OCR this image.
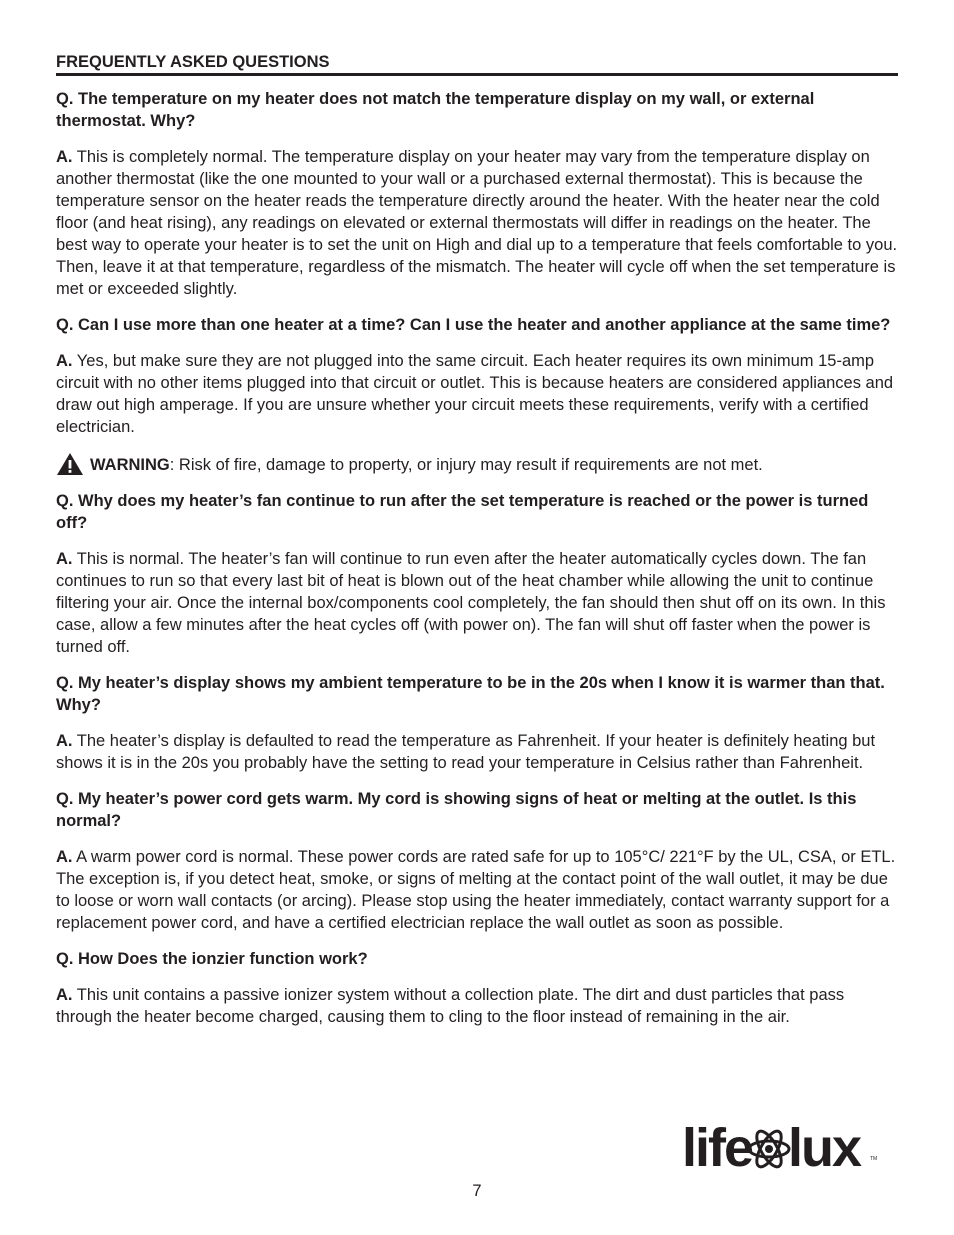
FREQUENTLY ASKED QUESTIONS

Q. The temperature on my heater does not match the temperature display on my wall, or external thermostat. Why?

A. This is completely normal. The temperature display on your heater may vary from the temperature display on another thermostat (like the one mounted to your wall or a purchased external thermostat). This is because the temperature sensor on the heater reads the temperature directly around the heater. With the heater near the cold floor (and heat rising), any readings on elevated or external thermostats will differ in readings on the heater. The best way to operate your heater is to set the unit on High and dial up to a temperature that feels comfortable to you. Then, leave it at that temperature, regardless of the mismatch. The heater will cycle off when the set temperature is met or exceeded slightly.

Q. Can I use more than one heater at a time? Can I use the heater and another appliance at the same time?

A. Yes, but make sure they are not plugged into the same circuit. Each heater requires its own minimum 15-amp circuit with no other items plugged into that circuit or outlet. This is because heaters are considered appliances and draw out high amperage. If you are unsure whether your circuit meets these requirements, verify with a certified electrician.

WARNING: Risk of fire, damage to property, or injury may result if requirements are not met.

Q. Why does my heater’s fan continue to run after the set temperature is reached or the power is turned off?

A. This is normal. The heater’s fan will continue to run even after the heater automatically cycles down. The fan continues to run so that every last bit of heat is blown out of the heat chamber while allowing the unit to continue filtering your air. Once the internal box/components cool completely, the fan should then shut off on its own. In this case, allow a few minutes after the heat cycles off (with power on). The fan will shut off faster when the power is turned off.

Q. My heater’s display shows my ambient temperature to be in the 20s when I know it is warmer than that. Why?

A. The heater’s display is defaulted to read the temperature as Fahrenheit. If your heater is definitely heating but shows it is in the 20s you probably have the setting to read your temperature in Celsius rather than Fahrenheit.

Q. My heater’s power cord gets warm. My cord is showing signs of heat or melting at the outlet. Is this normal?

A. A warm power cord is normal. These power cords are rated safe for up to 105°C/ 221°F by the UL, CSA, or ETL. The exception is, if you detect heat, smoke, or signs of melting at the contact point of the wall outlet, it may be due to loose or worn wall contacts (or arcing). Please stop using the heater immediately, contact warranty support for a replacement power cord, and have a certified electrician replace the wall outlet as soon as possible.

Q. How Does the ionzier function work?

A. This unit contains a passive ionizer system without a collection plate. The dirt and dust particles that pass through the heater become charged, causing them to cling to the floor instead of remaining in the air.

life lux TM
7
